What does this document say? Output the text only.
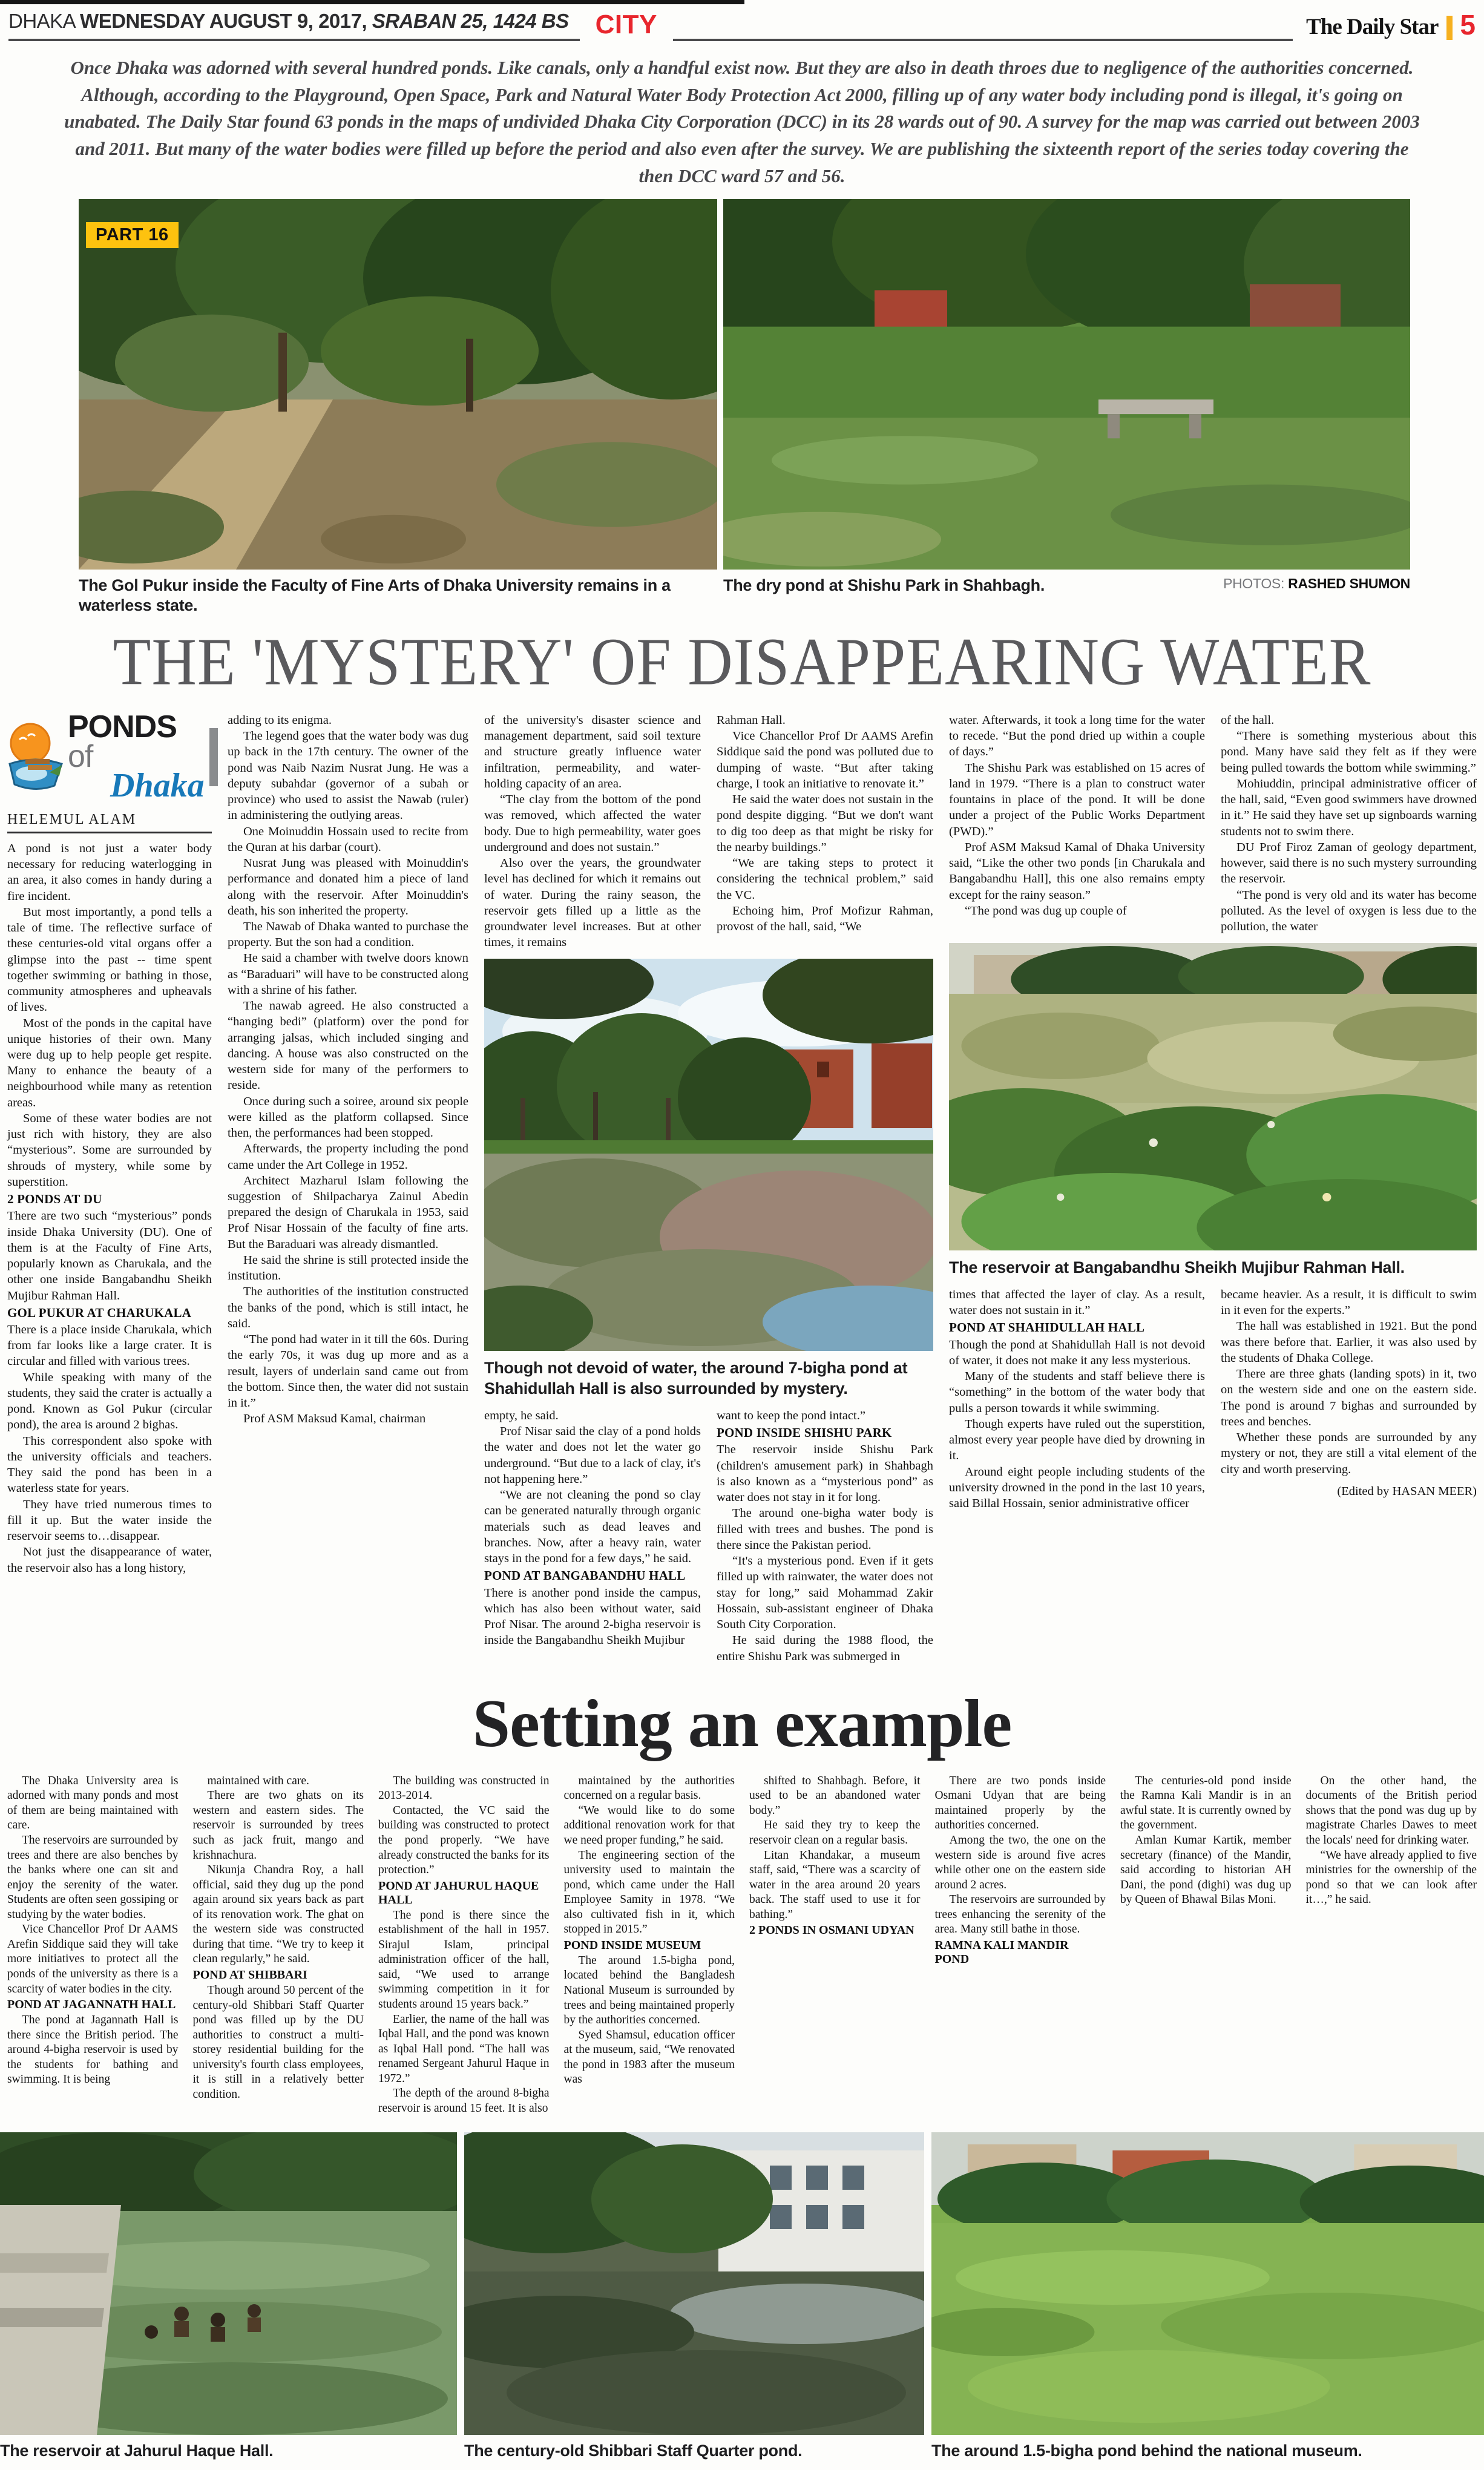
DHAKA WEDNESDAY AUGUST 9, 2017, SRABAN 25, 1424 BS	CITY	The Daily Star 5

Once Dhaka was adorned with several hundred ponds. Like canals, only a handful exist now. But they are also in death throes due to negligence of the authorities concerned. Although, according to the Playground, Open Space, Park and Natural Water Body Protection Act 2000, filling up of any water body including pond is illegal, it's going on unabated. The Daily Star found 63 ponds in the maps of undivided Dhaka City Corporation (DCC) in its 28 wards out of 90. A survey for the map was carried out between 2003 and 2011. But many of the water bodies were filled up before the period and also even after the survey. We are publishing the sixteenth report of the series today covering the then DCC ward 57 and 56.

PART 16
The Gol Pukur inside the Faculty of Fine Arts of Dhaka University remains in a waterless state.
The dry pond at Shishu Park in Shahbagh.	PHOTOS: RASHED SHUMON
THE 'MYSTERY' OF DISAPPEARING WATER
PONDS of
Dhaka
HELEMUL ALAM

A pond is not just a water body necessary for reducing waterlogging in an area, it also comes in handy during a fire incident.

But most importantly, a pond tells a tale of time. The reflective surface of these centuries-old vital organs offer a glimpse into the past -- time spent together swimming or bathing in those, community atmospheres and upheavals of lives.

Most of the ponds in the capital have unique histories of their own. Many were dug up to help people get respite. Many to enhance the beauty of a neighbourhood while many as retention areas.

Some of these water bodies are not just rich with history, they are also “mysterious”. Some are surrounded by shrouds of mystery, while some by superstition.

2 PONDS AT DU

There are two such “mysterious” ponds inside Dhaka University (DU). One of them is at the Faculty of Fine Arts, popularly known as Charukala, and the other one inside Bangabandhu Sheikh Mujibur Rahman Hall.

GOL PUKUR AT CHARUKALA

There is a place inside Charukala, which from far looks like a large crater. It is circular and filled with various trees.

While speaking with many of the students, they said the crater is actually a pond. Known as Gol Pukur (circular pond), the area is around 2 bighas.

This correspondent also spoke with the university officials and teachers. They said the pond has been in a waterless state for years.

They have tried numerous times to fill it up. But the water inside the reservoir seems to…disappear.

Not just the disappearance of water, the reservoir also has a long history,

adding to its enigma.

The legend goes that the water body was dug up back in the 17th century. The owner of the pond was Naib Nazim Nusrat Jung. He was a deputy subahdar (governor of a subah or province) who used to assist the Nawab (ruler) in administering the outlying areas.

One Moinuddin Hossain used to recite from the Quran at his darbar (court).

Nusrat Jung was pleased with Moinuddin's performance and donated him a piece of land along with the reservoir. After Moinuddin's death, his son inherited the property.

The Nawab of Dhaka wanted to purchase the property. But the son had a condition.

He said a chamber with twelve doors known as “Baraduari” will have to be constructed along with a shrine of his father.

The nawab agreed. He also constructed a “hanging bedi” (platform) over the pond for arranging jalsas, which included singing and dancing. A house was also constructed on the western side for many of the performers to reside.

Once during such a soiree, around six people were killed as the platform collapsed. Since then, the performances had been stopped.

Afterwards, the property including the pond came under the Art College in 1952.

Architect Mazharul Islam following the suggestion of Shilpacharya Zainul Abedin prepared the design of Charukala in 1953, said Prof Nisar Hossain of the faculty of fine arts. But the Baraduari was already dismantled.

He said the shrine is still protected inside the institution.

The authorities of the institution constructed the banks of the pond, which is still intact, he said.

“The pond had water in it till the 60s. During the early 70s, it was dug up more and as a result, layers of underlain sand came out from the bottom. Since then, the water did not sustain in it.”

Prof ASM Maksud Kamal, chairman

of the university's disaster science and management department, said soil texture and structure greatly influence water infiltration, permeability, and water-holding capacity of an area.

“The clay from the bottom of the pond was removed, which affected the water body. Due to high permeability, water goes underground and does not sustain.”

Also over the years, the groundwater level has declined for which it remains out of water. During the rainy season, the reservoir gets filled up a little as the groundwater level increases. But at other times, it remains

Rahman Hall.

Vice Chancellor Prof Dr AAMS Arefin Siddique said the pond was polluted due to dumping of waste. “But after taking charge, I took an initiative to renovate it.”

He said the water does not sustain in the pond despite digging. “But we don't want to dig too deep as that might be risky for the nearby buildings.”

“We are taking steps to protect it considering the technical problem,” said the VC.

Echoing him, Prof Mofizur Rahman, provost of the hall, said, “We

Though not devoid of water, the around 7-bigha pond at Shahidullah Hall is also surrounded by mystery.

empty, he said.

Prof Nisar said the clay of a pond holds the water and does not let the water go underground. “But due to a lack of clay, it's not happening here.”

“We are not cleaning the pond so clay can be generated naturally through organic materials such as dead leaves and branches. Now, after a heavy rain, water stays in the pond for a few days,” he said.

POND AT BANGABANDHU HALL

There is another pond inside the campus, which has also been without water, said Prof Nisar. The around 2-bigha reservoir is inside the Bangabandhu Sheikh Mujibur

want to keep the pond intact.”

POND INSIDE SHISHU PARK

The reservoir inside Shishu Park (children's amusement park) in Shahbagh is also known as a “mysterious pond” as water does not stay in it for long.

The around one-bigha water body is filled with trees and bushes. The pond is there since the Pakistan period.

“It's a mysterious pond. Even if it gets filled up with rainwater, the water does not stay for long,” said Mohammad Zakir Hossain, sub-assistant engineer of Dhaka South City Corporation.

He said during the 1988 flood, the entire Shishu Park was submerged in

water. Afterwards, it took a long time for the water to recede. “But the pond dried up within a couple of days.”

The Shishu Park was established on 15 acres of land in 1979. “There is a plan to construct water fountains in place of the pond. It will be done under a project of the Public Works Department (PWD).”

Prof ASM Maksud Kamal of Dhaka University said, “Like the other two ponds [in Charukala and Bangabandhu Hall], this one also remains empty except for the rainy season.”

“The pond was dug up couple of

of the hall.

“There is something mysterious about this pond. Many have said they felt as if they were being pulled towards the bottom while swimming.”

Mohiuddin, principal administrative officer of the hall, said, “Even good swimmers have drowned in it.” He said they have set up signboards warning students not to swim there.

DU Prof Firoz Zaman of geology department, however, said there is no such mystery surrounding the reservoir.

“The pond is very old and its water has become polluted. As the level of oxygen is less due to the pollution, the water

The reservoir at Bangabandhu Sheikh Mujibur Rahman Hall.

times that affected the layer of clay. As a result, water does not sustain in it.”

POND AT SHAHIDULLAH HALL

Though the pond at Shahidullah Hall is not devoid of water, it does not make it any less mysterious.

Many of the students and staff believe there is “something” in the bottom of the water body that pulls a person towards it while swimming.

Though experts have ruled out the superstition, almost every year people have died by drowning in it.

Around eight people including students of the university drowned in the pond in the last 10 years, said Billal Hossain, senior administrative officer

became heavier. As a result, it is difficult to swim in it even for the experts.”

The hall was established in 1921. But the pond was there before that. Earlier, it was also used by the students of Dhaka College.

There are three ghats (landing spots) in it, two on the western side and one on the eastern side. The pond is around 7 bighas and surrounded by trees and benches.

Whether these ponds are surrounded by any mystery or not, they are still a vital element of the city and worth preserving.

(Edited by HASAN MEER)

Setting an example

The Dhaka University area is adorned with many ponds and most of them are being maintained with care.

The reservoirs are surrounded by trees and there are also benches by the banks where one can sit and enjoy the serenity of the water. Students are often seen gossiping or studying by the water bodies.

Vice Chancellor Prof Dr AAMS Arefin Siddique said they will take more initiatives to protect all the ponds of the university as there is a scarcity of water bodies in the city.

POND AT JAGANNATH HALL

The pond at Jagannath Hall is there since the British period. The around 4-bigha reservoir is used by the students for bathing and swimming. It is being

maintained with care.

There are two ghats on its western and eastern sides. The reservoir is surrounded by trees such as jack fruit, mango and krishnachura.

Nikunja Chandra Roy, a hall official, said they dug up the pond again around six years back as part of its renovation work. The ghat on the western side was constructed during that time. “We try to keep it clean regularly,” he said.

POND AT SHIBBARI

Though around 50 percent of the century-old Shibbari Staff Quarter pond was filled up by the DU authorities to construct a multi-storey residential building for the university's fourth class employees, it is still in a relatively better condition.

The building was constructed in 2013-2014.

Contacted, the VC said the building was constructed to protect the pond properly. “We have already constructed the banks for its protection.”

POND AT JAHURUL HAQUE HALL

The pond is there since the establishment of the hall in 1957. Sirajul Islam, principal administration officer of the hall, said, “We used to arrange swimming competition in it for students around 15 years back.”

Earlier, the name of the hall was Iqbal Hall, and the pond was known as Iqbal Hall pond. “The hall was renamed Sergeant Jahurul Haque in 1972.”

The depth of the around 8-bigha reservoir is around 15 feet. It is also

maintained by the authorities concerned on a regular basis.

“We would like to do some additional renovation work for that we need proper funding,” he said.

The engineering section of the university used to maintain the pond, which came under the Hall Employee Samity in 1978. “We also cultivated fish in it, which stopped in 2015.”

POND INSIDE MUSEUM

The around 1.5-bigha pond, located behind the Bangladesh National Museum is surrounded by trees and being maintained properly by the authorities concerned.

Syed Shamsul, education officer at the museum, said, “We renovated the pond in 1983 after the museum was

shifted to Shahbagh. Before, it used to be an abandoned water body.”

He said they try to keep the reservoir clean on a regular basis.

Litan Khandakar, a museum staff, said, “There was a scarcity of water in the area around 20 years back. The staff used to use it for bathing.”

2 PONDS IN OSMANI UDYAN

There are two ponds inside Osmani Udyan that are being maintained properly by the authorities concerned.

Among the two, the one on the western side is around five acres while other one on the eastern side around 2 acres.

The reservoirs are surrounded by trees enhancing the serenity of the area. Many still bathe in those.

RAMNA KALI MANDIR POND

The centuries-old pond inside the Ramna Kali Mandir is in an awful state. It is currently owned by the government.

Amlan Kumar Kartik, member secretary (finance) of the Mandir, said according to historian AH Dani, the pond (dighi) was dug up by Queen of Bhawal Bilas Moni.

On the other hand, the documents of the British period shows that the pond was dug up by magistrate Charles Dawes to meet the locals' need for drinking water.

“We have already applied to five ministries for the ownership of the pond so that we can look after it…,” he said.

The reservoir at Jahurul Haque Hall.	The century-old Shibbari Staff Quarter pond.	The around 1.5-bigha pond behind the national museum.
